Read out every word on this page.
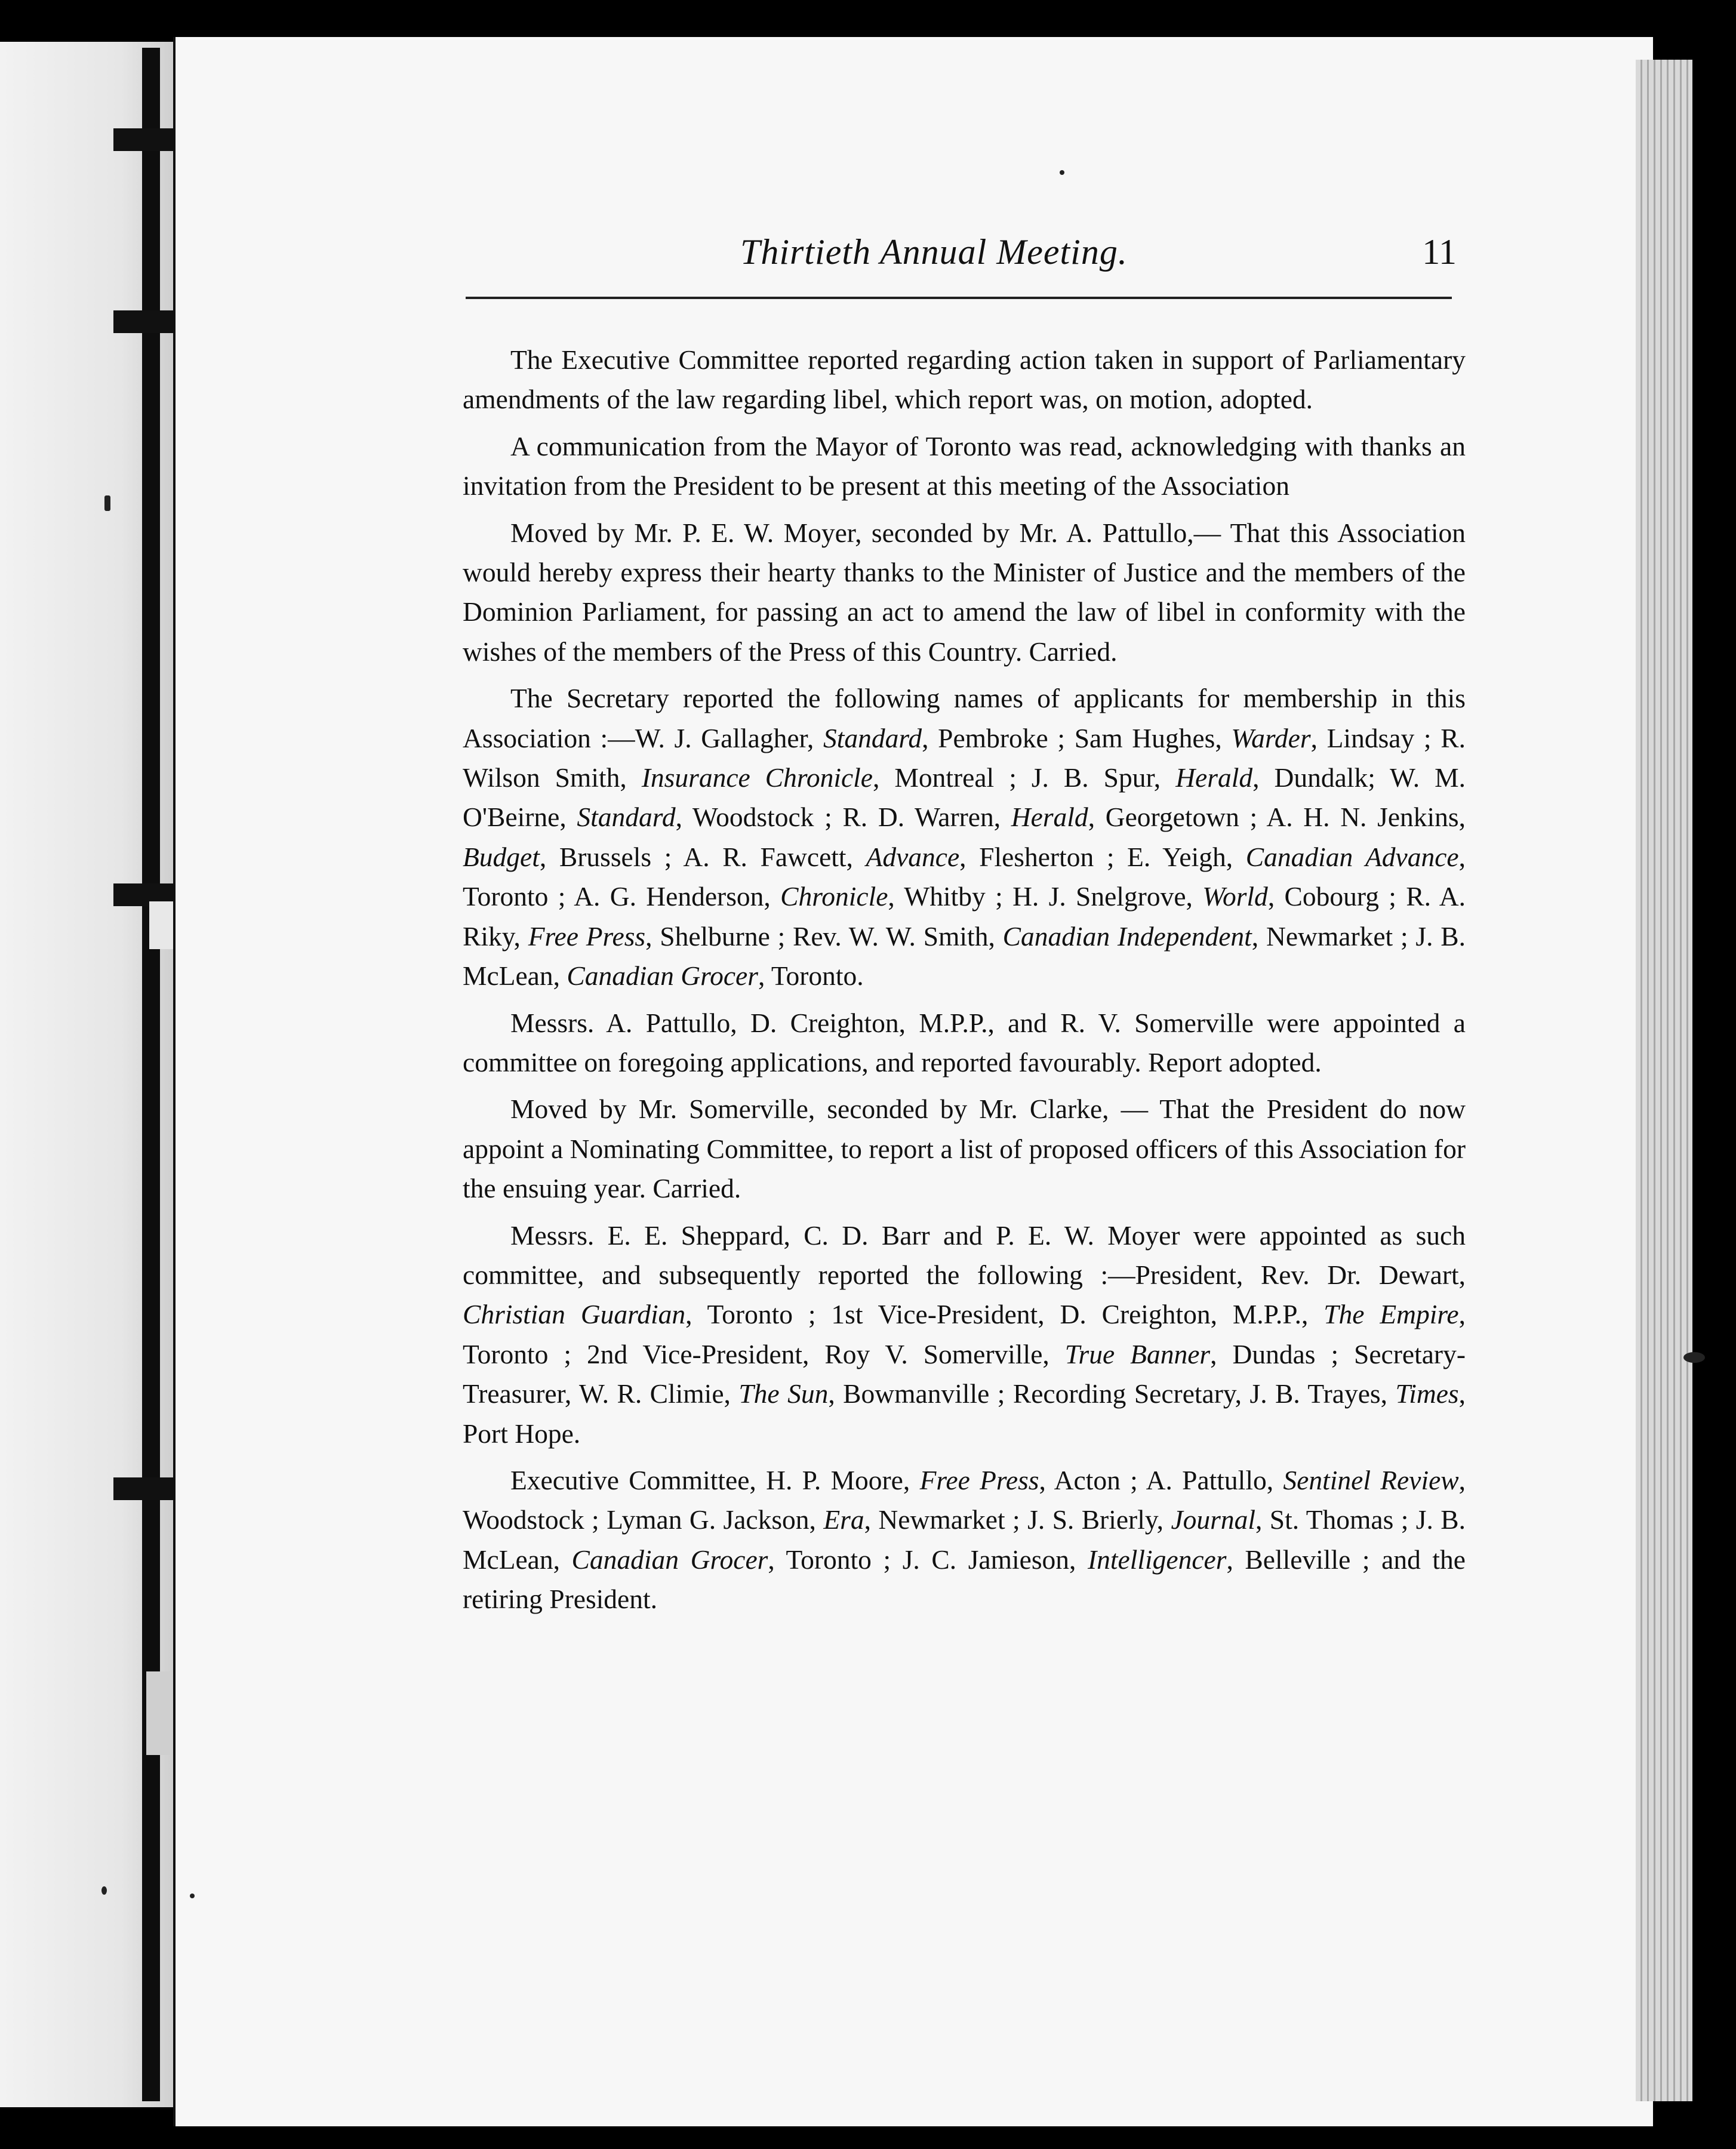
Thirtieth Annual Meeting.	11

The Executive Committee reported regarding action taken in support of Parliamentary amendments of the law regarding libel, which report was, on motion, adopted.

A communication from the Mayor of Toronto was read, acknowledging with thanks an invitation from the President to be present at this meeting of the Association

Moved by Mr. P. E. W. Moyer, seconded by Mr. A. Pattullo,— That this Association would hereby express their hearty thanks to the Minister of Justice and the members of the Dominion Parliament, for passing an act to amend the law of libel in conformity with the wishes of the members of the Press of this Country. Carried.

The Secretary reported the following names of applicants for membership in this Association :—W. J. Gallagher, Standard, Pembroke ; Sam Hughes, Warder, Lindsay ; R. Wilson Smith, Insurance Chronicle, Montreal ; J. B. Spur, Herald, Dundalk; W. M. O'Beirne, Standard, Woodstock ; R. D. Warren, Herald, Georgetown ; A. H. N. Jenkins, Budget, Brussels ; A. R. Fawcett, Advance, Flesherton ; E. Yeigh, Canadian Advance, Toronto ; A. G. Henderson, Chronicle, Whitby ; H. J. Snelgrove, World, Cobourg ; R. A. Riky, Free Press, Shelburne ; Rev. W. W. Smith, Canadian Independent, Newmarket ; J. B. McLean, Canadian Grocer, Toronto.

Messrs. A. Pattullo, D. Creighton, M.P.P., and R. V. Somerville were appointed a committee on foregoing applications, and reported favourably. Report adopted.

Moved by Mr. Somerville, seconded by Mr. Clarke, — That the President do now appoint a Nominating Committee, to report a list of proposed officers of this Association for the ensuing year. Carried.

Messrs. E. E. Sheppard, C. D. Barr and P. E. W. Moyer were appointed as such committee, and subsequently reported the following :—President, Rev. Dr. Dewart, Christian Guardian, Toronto ; 1st Vice-President, D. Creighton, M.P.P., The Empire, Toronto ; 2nd Vice-President, Roy V. Somerville, True Banner, Dundas ; Secretary-Treasurer, W. R. Climie, The Sun, Bowmanville ; Recording Secretary, J. B. Trayes, Times, Port Hope.

Executive Committee, H. P. Moore, Free Press, Acton ; A. Pattullo, Sentinel Review, Woodstock ; Lyman G. Jackson, Era, Newmarket ; J. S. Brierly, Journal, St. Thomas ; J. B. McLean, Canadian Grocer, Toronto ; J. C. Jamieson, Intelligencer, Belleville ; and the retiring President.
